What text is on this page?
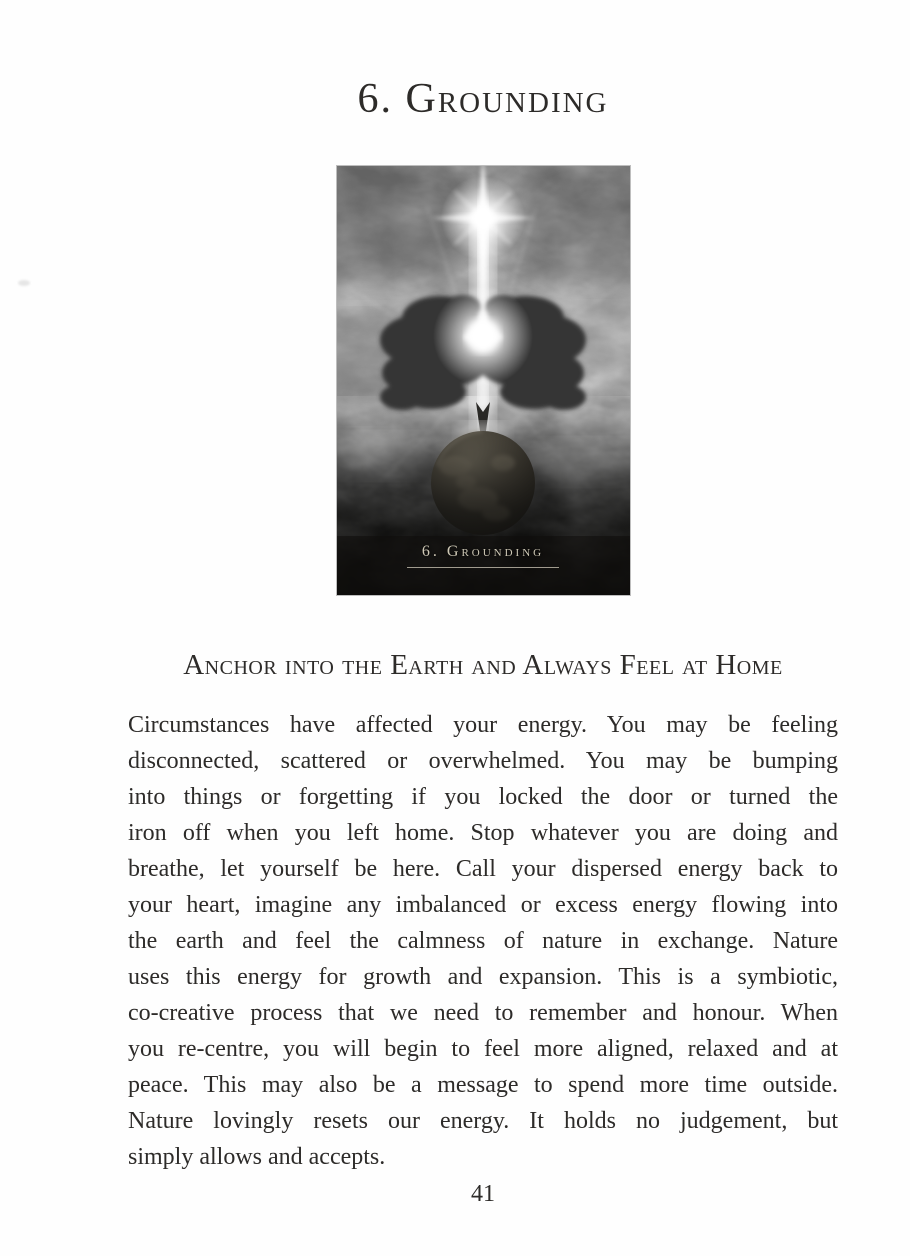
6. Grounding
6. Grounding
Anchor into the Earth and Always Feel at Home
Circumstances have affected your energy. You may be feeling
disconnected, scattered or overwhelmed. You may be bumping
into things or forgetting if you locked the door or turned the
iron off when you left home. Stop whatever you are doing and
breathe, let yourself be here. Call your dispersed energy back to
your heart, imagine any imbalanced or excess energy flowing into
the earth and feel the calmness of nature in exchange. Nature
uses this energy for growth and expansion. This is a symbiotic,
co-creative process that we need to remember and honour. When
you re-centre, you will begin to feel more aligned, relaxed and at
peace. This may also be a message to spend more time outside.
Nature lovingly resets our energy. It holds no judgement, but
simply allows and accepts.
41
